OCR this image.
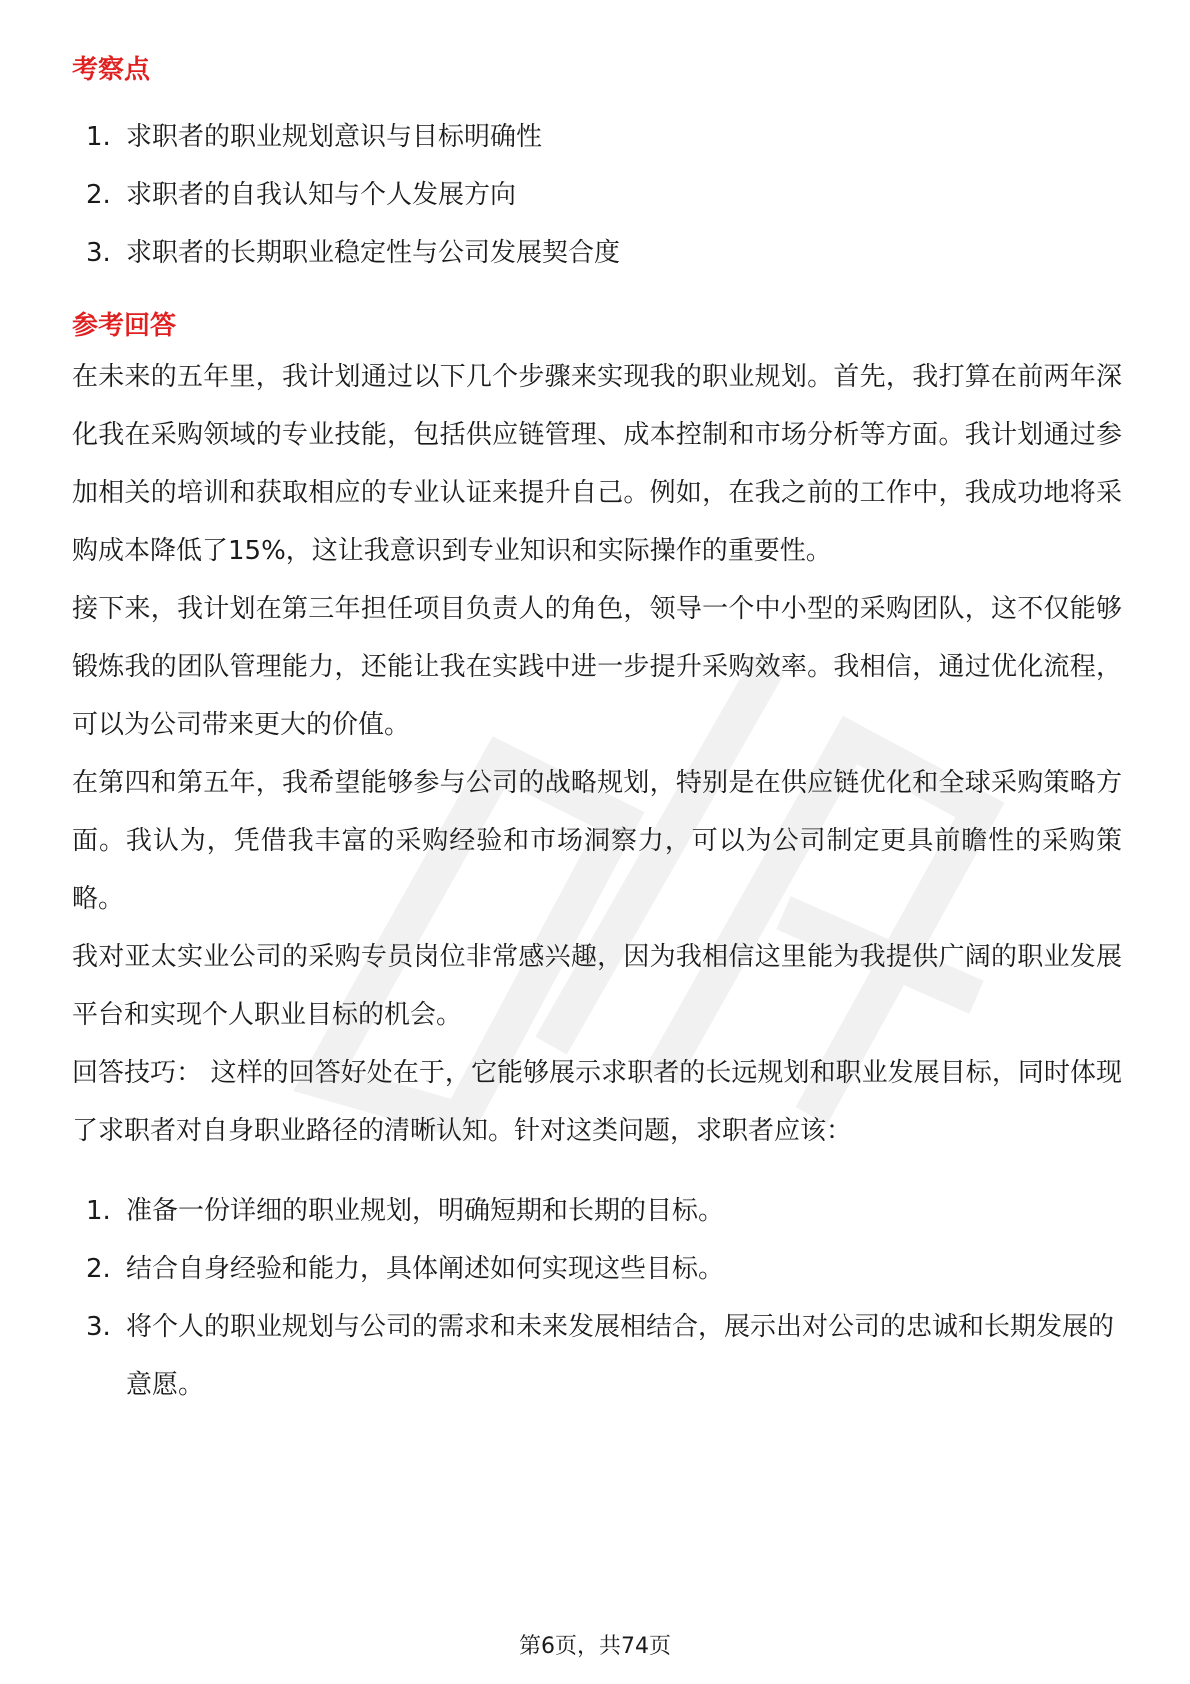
考察点
1. 求职者的职业规划意识与目标明确性
2. 求职者的自我认知与个人发展方向
3. 求职者的长期职业稳定性与公司发展契合度
参考回答

在未来的五年里，我计划通过以下几个步骤来实现我的职业规划。首先，我打算在前两年深化我在采购领域的专业技能，包括供应链管理、成本控制和市场分析等方面。我计划通过参加相关的培训和获取相应的专业认证来提升自己。例如，在我之前的工作中，我成功地将采购成本降低了15%，这让我意识到专业知识和实际操作的重要性。

接下来，我计划在第三年担任项目负责人的角色，领导一个中小型的采购团队，这不仅能够锻炼我的团队管理能力，还能让我在实践中进一步提升采购效率。我相信，通过优化流程，可以为公司带来更大的价值。

在第四和第五年，我希望能够参与公司的战略规划，特别是在供应链优化和全球采购策略方面。我认为，凭借我丰富的采购经验和市场洞察力，可以为公司制定更具前瞻性的采购策略。

我对亚太实业公司的采购专员岗位非常感兴趣，因为我相信这里能为我提供广阔的职业发展平台和实现个人职业目标的机会。

回答技巧： 这样的回答好处在于，它能够展示求职者的长远规划和职业发展目标，同时体现了求职者对自身职业路径的清晰认知。针对这类问题，求职者应该：

1. 准备一份详细的职业规划，明确短期和长期的目标。
2. 结合自身经验和能力，具体阐述如何实现这些目标。
3. 将个人的职业规划与公司的需求和未来发展相结合，展示出对公司的忠诚和长期发展的意愿。
第6页，共74页
